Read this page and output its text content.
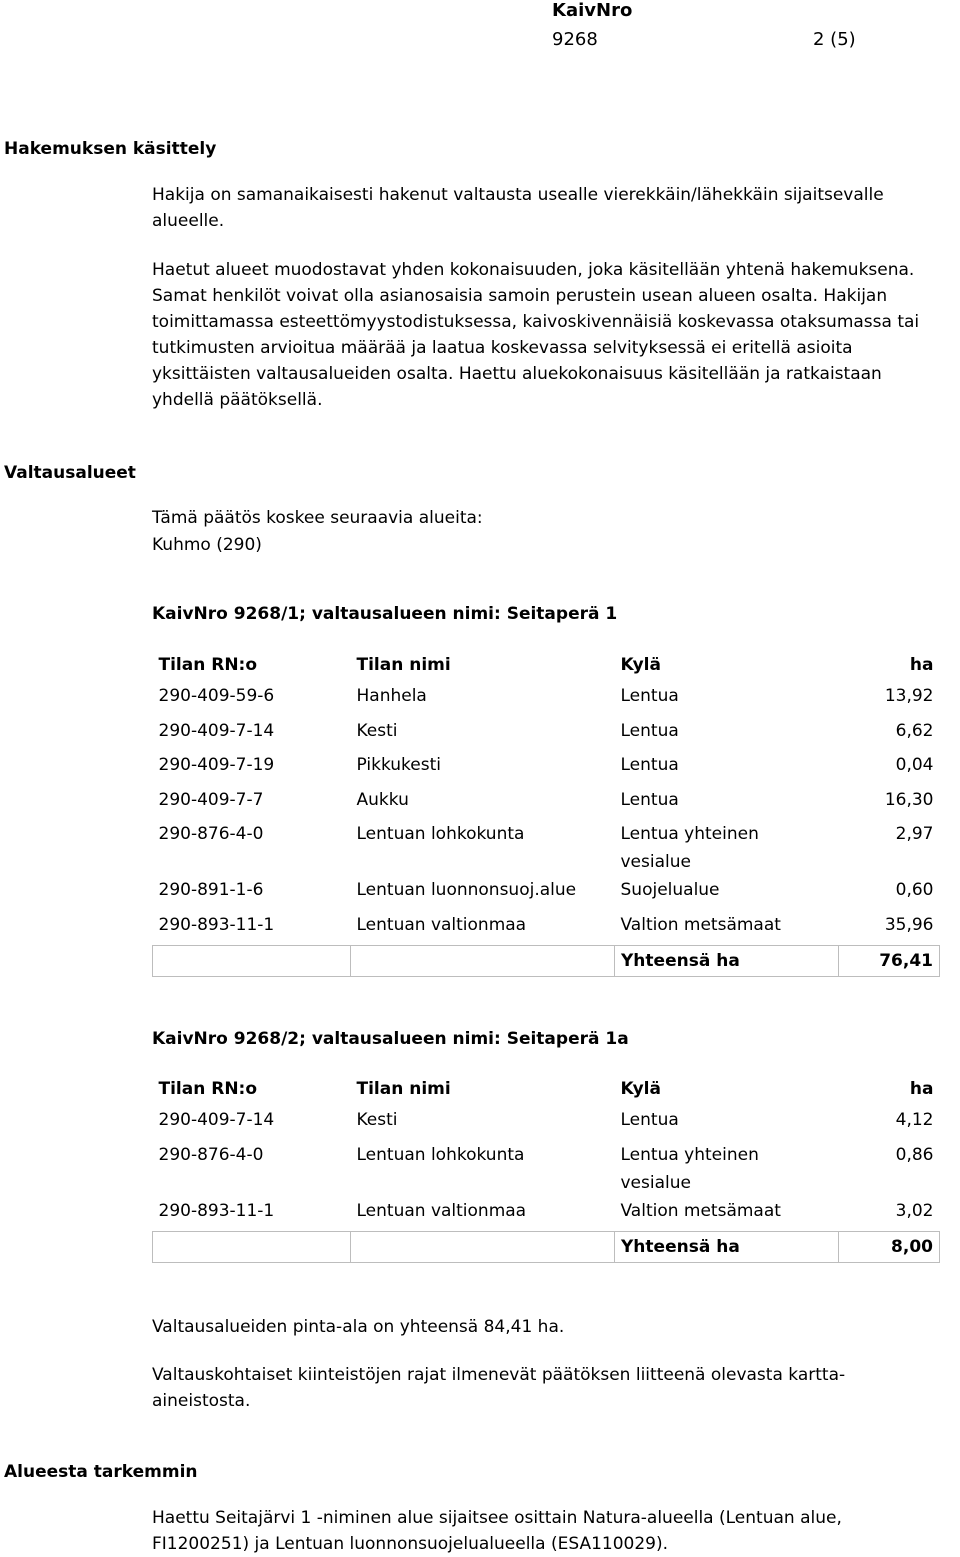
KaivNro
9268	2 (5)
Hakemuksen käsittely
Hakija on samanaikaisesti hakenut valtausta usealle vierekkäin/lähekkäin sijaitsevalle alueelle.
Haetut alueet muodostavat yhden kokonaisuuden, joka käsitellään yhtenä hakemuksena. Samat henkilöt voivat olla asianosaisia samoin perustein usean alueen osalta. Hakijan toimittamassa esteettömyystodistuksessa, kaivoskivennäisiä koskevassa otaksumassa tai tutkimusten arvioitua määrää ja laatua koskevassa selvityksessä ei eritellä asioita yksittäisten valtausalueiden osalta. Haettu aluekokonaisuus käsitellään ja ratkaistaan yhdellä päätöksellä.
Valtausalueet
Tämä päätös koskee seuraavia alueita:
Kuhmo (290)
KaivNro 9268/1; valtausalueen nimi: Seitaperä 1
Tilan RN:o	Tilan nimi	Kylä	ha
290-409-59-6	Hanhela	Lentua	13,92
290-409-7-14	Kesti	Lentua	6,62
290-409-7-19	Pikkukesti	Lentua	0,04
290-409-7-7	Aukku	Lentua	16,30
290-876-4-0	Lentuan lohkokunta	Lentua yhteinen vesialue	2,97
290-891-1-6	Lentuan luonnonsuoj.alue	Suojelualue	0,60
290-893-11-1	Lentuan valtionmaa	Valtion metsämaat	35,96
		Yhteensä ha	76,41
KaivNro 9268/2; valtausalueen nimi: Seitaperä 1a
Tilan RN:o	Tilan nimi	Kylä	ha
290-409-7-14	Kesti	Lentua	4,12
290-876-4-0	Lentuan lohkokunta	Lentua yhteinen vesialue	0,86
290-893-11-1	Lentuan valtionmaa	Valtion metsämaat	3,02
		Yhteensä ha	8,00
Valtausalueiden pinta-ala on yhteensä 84,41 ha.
Valtauskohtaiset kiinteistöjen rajat ilmenevät päätöksen liitteenä olevasta kartta-aineistosta.
Alueesta tarkemmin
Haettu Seitajärvi 1 -niminen alue sijaitsee osittain Natura-alueella (Lentuan alue, FI1200251) ja Lentuan luonnonsuojelualueella (ESA110029).
